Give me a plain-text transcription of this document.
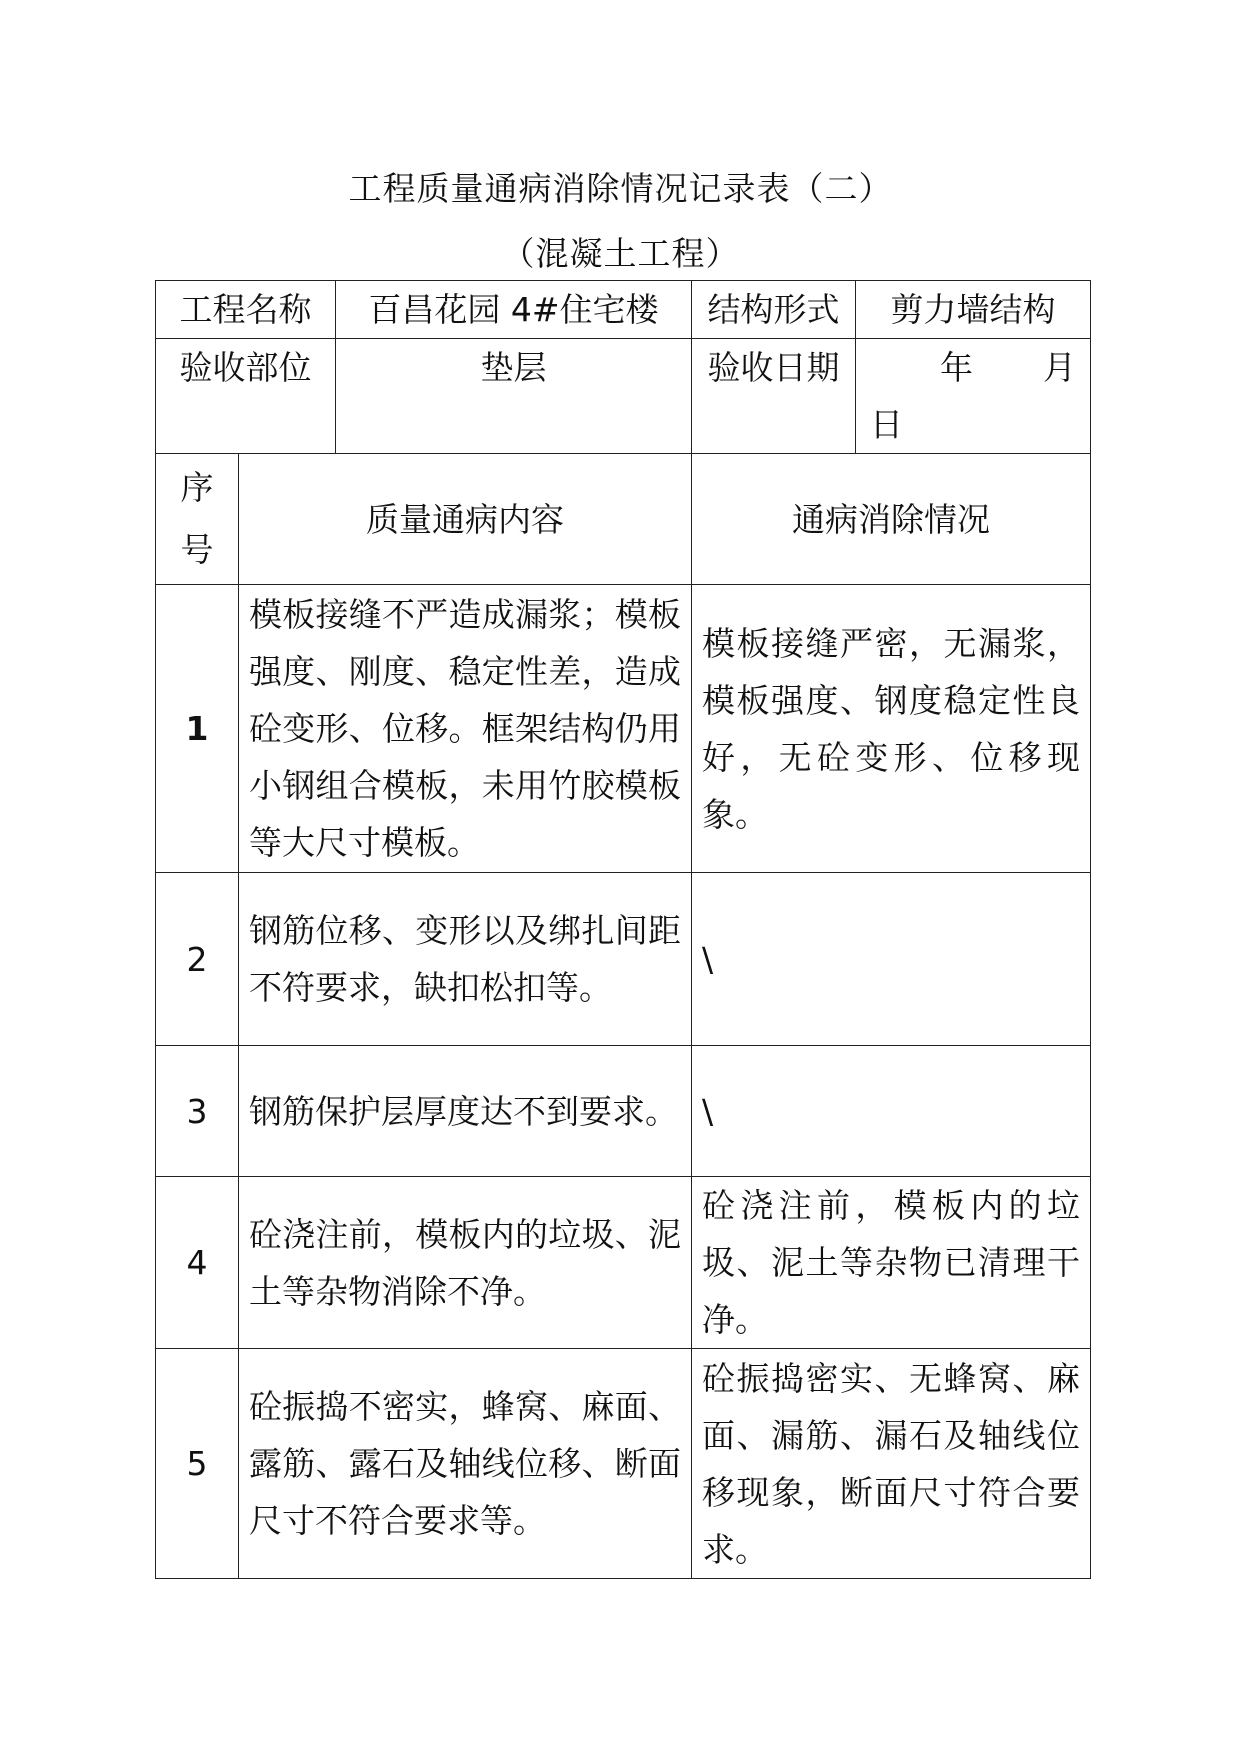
工程质量通病消除情况记录表（二）
（混凝土工程）
工程名称		百昌花园 4#住宅楼	结构形式	剪力墙结构
验收部位		垫层	验收日期	年 月
日

序
号	质量通病内容		通病消除情况	
1	模板接缝不严造成漏浆；模板强度、刚度、稳定性差，造成砼变形、位移。框架结构仍用小钢组合模板，未用竹胶模板等大尺寸模板。		模板接缝严密，无漏浆，模板强度、钢度稳定性良好，无砼变形、位移现象。	
2	钢筋位移、变形以及绑扎间距不符要求，缺扣松扣等。		\	
3	钢筋保护层厚度达不到要求。		\	
4	砼浇注前，模板内的垃圾、泥土等杂物消除不净。		砼浇注前，模板内的垃圾、泥土等杂物已清理干净。	
5	砼振捣不密实，蜂窝、麻面、露筋、露石及轴线位移、断面尺寸不符合要求等。		砼振捣密实、无蜂窝、麻面、漏筋、漏石及轴线位移现象，断面尺寸符合要求。	
